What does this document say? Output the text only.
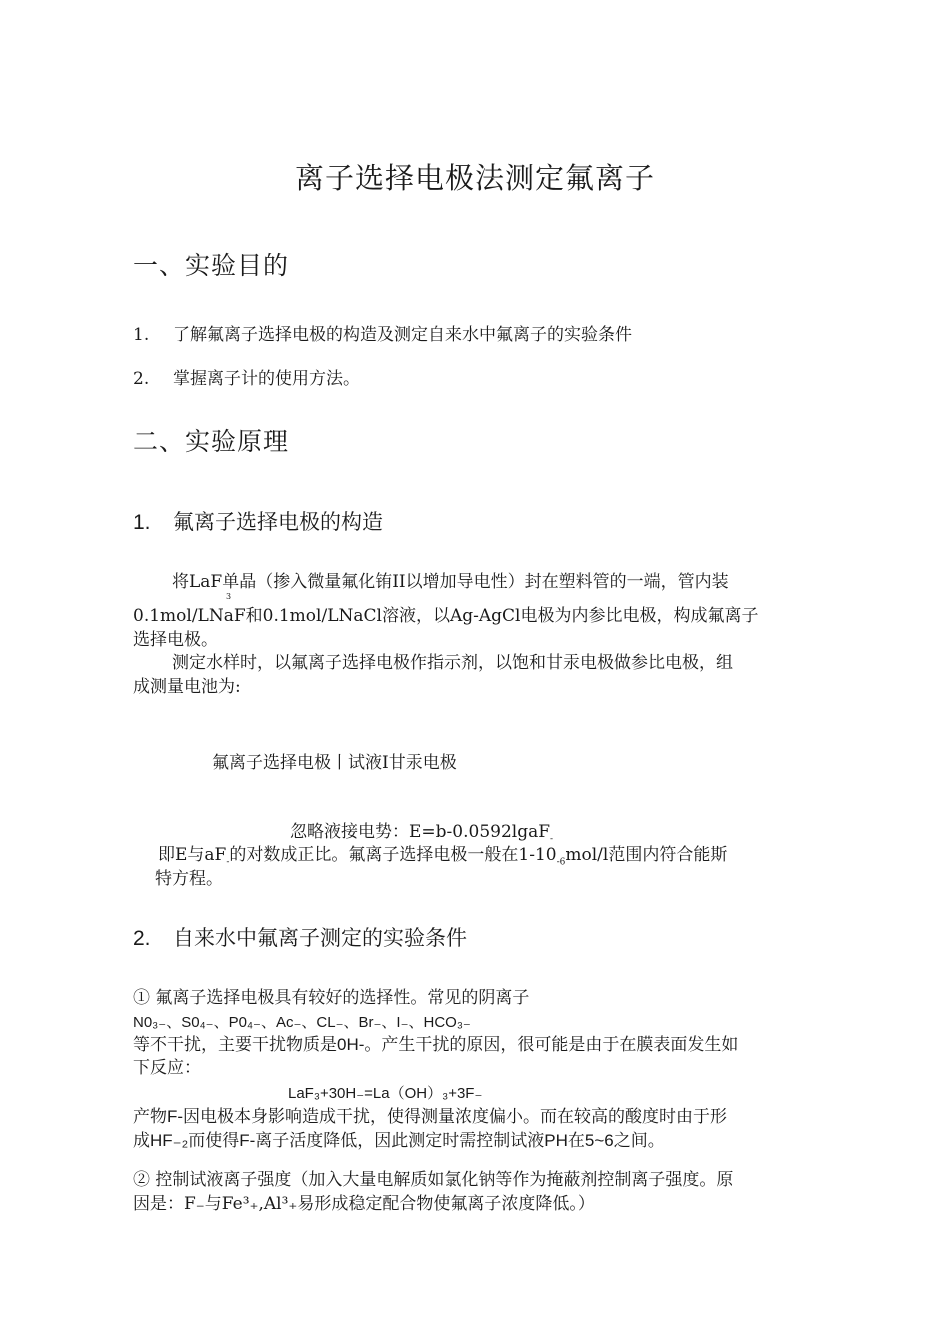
离子选择电极法测定氟离子
一、实验目的
1. 了解氟离子选择电极的构造及测定自来水中氟离子的实验条件
2. 掌握离子计的使用方法。
二、实验原理
1. 氟离子选择电极的构造
将LaF单晶（掺入微量氟化铕II以增加导电性）封在塑料管的一端，管内装
3
0.1mol/LNaF和0.1mol/LNaCl溶液，以Ag-AgCl电极为内参比电极，构成氟离子
选择电极。
测定水样时，以氟离子选择电极作指示剂，以饱和甘汞电极做参比电极，组
成测量电池为:
氟离子选择电极丨试液I甘汞电极
忽略液接电势：E=b-0.0592lgaF$_-$
即E与$aF_-$的对数成正比。氟离子选择电极一般在$1-10_{-6}mol/l$范围内符合能斯
特方程。
2. 自来水中氟离子测定的实验条件
① 氟离子选择电极具有较好的选择性。常见的阴离子
N0₃₋、S0₄₋、P0₄₋、Ac₋、CL₋、Br₋、I₋、HCO₃₋
等不干扰，主要干扰物质是0H-。产生干扰的原因，很可能是由于在膜表面发生如
下反应：
LaF₃+30H₋=La（OH）₃+3F₋
产物F-因电极本身影响造成干扰，使得测量浓度偏小。而在较高的酸度时由于形
成HF₋₂而使得F-离子活度降低，因此测定时需控制试液PH在5~6之间。
② 控制试液离子强度（加入大量电解质如氯化钠等作为掩蔽剂控制离子强度。原
因是：F₋与Fe³₊,Al³₊易形成稳定配合物使氟离子浓度降低。）
